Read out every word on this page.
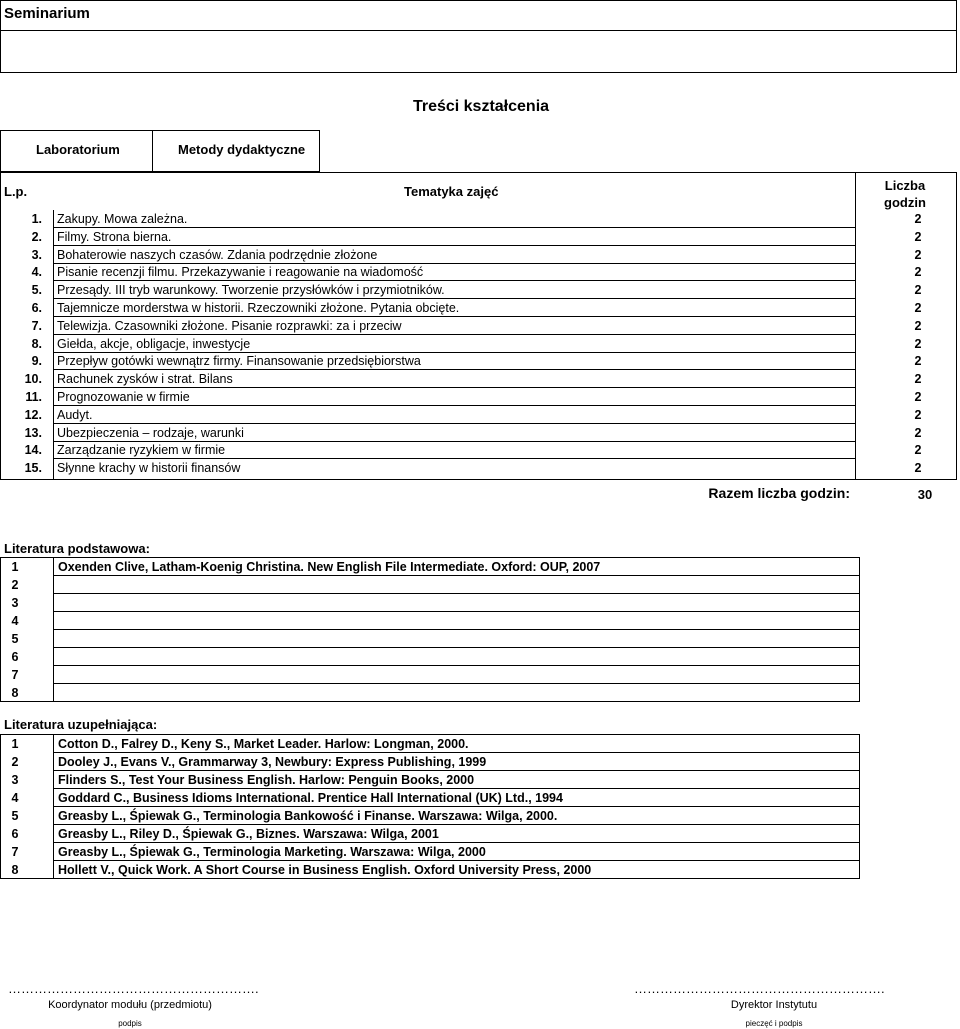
Seminarium
Treści kształcenia
Laboratorium	Metody dydaktyczne
L.p.	Tematyka zajęć	Liczba
godzin
1. Zakupy. Mowa zależna.	2
2. Filmy. Strona bierna.	2
3. Bohaterowie naszych czasów. Zdania podrzędnie złożone	2
4. Pisanie recenzji filmu. Przekazywanie i reagowanie na wiadomość	2
5. Przesądy. III tryb warunkowy. Tworzenie przysłówków i przymiotników.	2
6. Tajemnicze morderstwa w historii. Rzeczowniki złożone. Pytania obcięte.	2
7. Telewizja. Czasowniki złożone. Pisanie rozprawki: za i przeciw	2
8. Giełda, akcje, obligacje, inwestycje	2
9. Przepływ gotówki wewnątrz firmy. Finansowanie przedsiębiorstwa	2
10. Rachunek zysków i strat. Bilans	2
11. Prognozowanie w firmie	2
12. Audyt.	2
13. Ubezpieczenia – rodzaje, warunki	2
14. Zarządzanie ryzykiem w firmie	2
15. Słynne krachy w historii finansów	2
Razem liczba godzin:	30
Literatura podstawowa:
1	Oxenden Clive, Latham-Koenig Christina. New English File Intermediate. Oxford: OUP, 2007
2
3
4
5
6
7
8
Literatura uzupełniająca:
1	Cotton D., Falrey D., Keny S., Market Leader. Harlow: Longman, 2000.
2	Dooley J., Evans V., Grammarway 3, Newbury: Express Publishing, 1999
3	Flinders S., Test Your Business English. Harlow: Penguin Books, 2000
4	Goddard C., Business Idioms International. Prentice Hall International (UK) Ltd., 1994
5	Greasby L., Śpiewak G., Terminologia Bankowość i Finanse. Warszawa: Wilga, 2000.
6	Greasby L., Riley D., Śpiewak G., Biznes. Warszawa: Wilga, 2001
7	Greasby L., Śpiewak G., Terminologia Marketing. Warszawa: Wilga, 2000
8	Hollett V., Quick Work. A Short Course in Business English. Oxford University Press, 2000
………………………………………………….
Koordynator modułu (przedmiotu)
podpis
………………………………………………….
Dyrektor Instytutu
pieczęć i podpis
